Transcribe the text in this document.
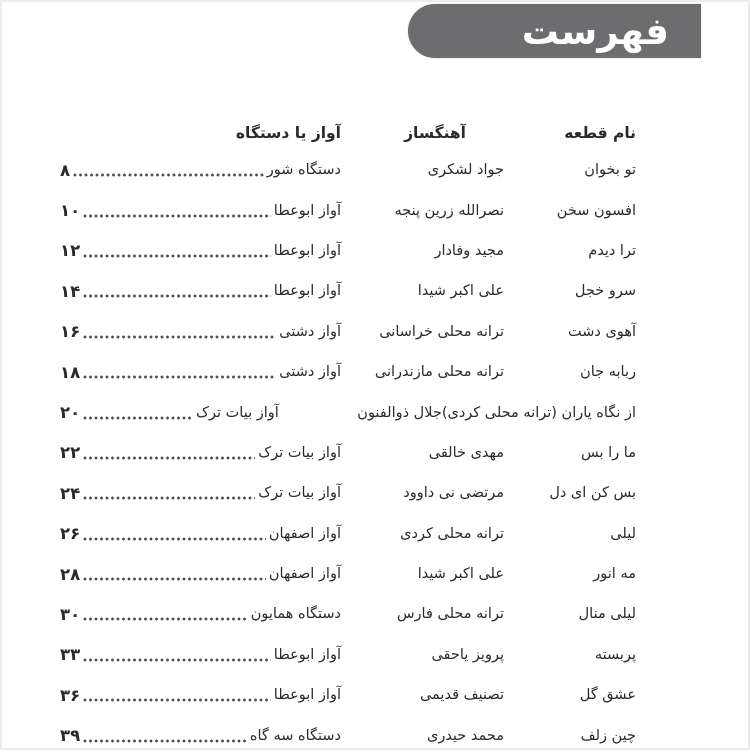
فهرست
نام قطعه
آهنگساز
آواز یا دستگاه
تو بخوان
جواد لشکری
دستگاه شور
۸
افسون سخن
نصرالله زرین پنجه
آواز ابوعطا
۱۰
ترا دیدم
مجید وفادار
آواز ابوعطا
۱۲
سرو خجل
علی اکبر شیدا
آواز ابوعطا
۱۴
آهوی دشت
ترانه محلی خراسانی
آواز دشتی
۱۶
ربابه جان
ترانه محلی مازندرانی
آواز دشتی
۱۸
از نگاه یاران (ترانه محلی کردی)
جلال ذوالفنون
آواز بیات ترک
۲۰
ما را بس
مهدی خالقی
آواز بیات ترک
۲۲
بس کن ای دل
مرتضی نی داوود
آواز بیات ترک
۲۴
لیلی
ترانه محلی کردی
آواز اصفهان
۲۶
مه انور
علی اکبر شیدا
آواز اصفهان
۲۸
لیلی منال
ترانه محلی فارس
دستگاه همایون
۳۰
پربسته
پرویز یاحقی
آواز ابوعطا
۳۳
عشق گل
تصنیف قدیمی
آواز ابوعطا
۳۶
چین زلف
محمد حیدری
دستگاه سه گاه
۳۹
